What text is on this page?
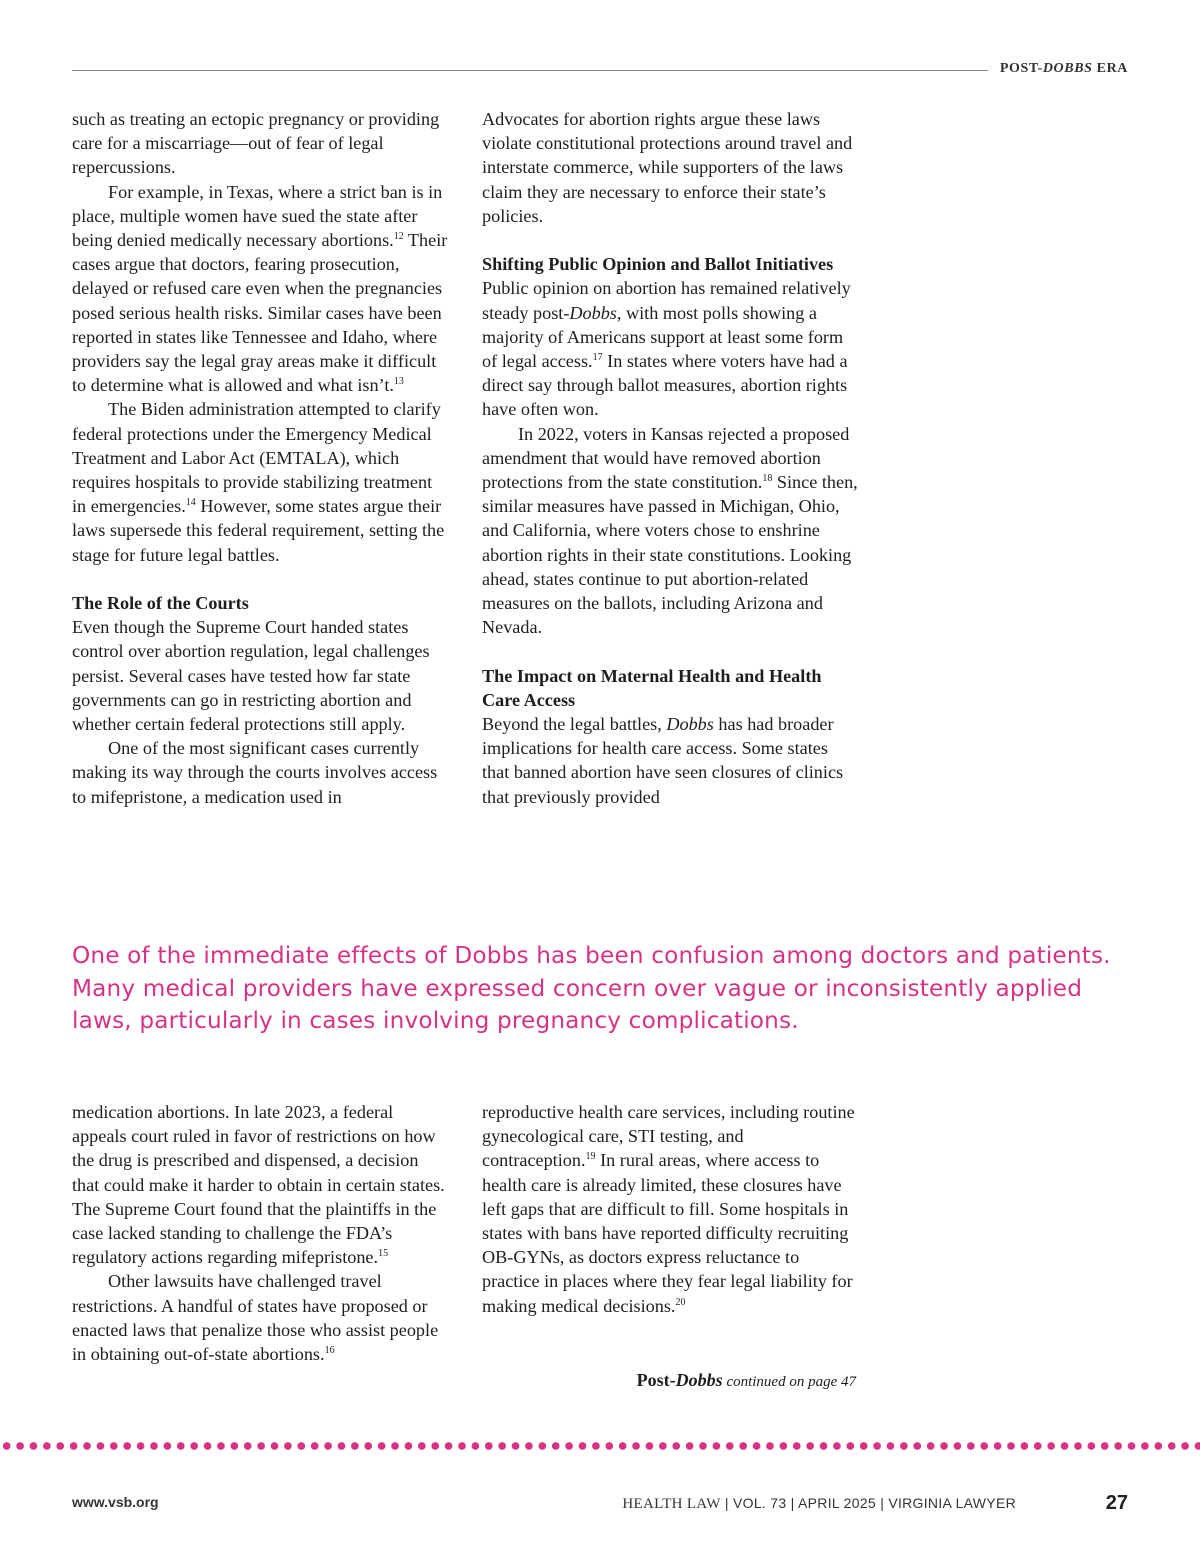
POST-DOBBS ERA

such as treating an ectopic pregnancy or providing care for a miscarriage—out of fear of legal repercussions.

For example, in Texas, where a strict ban is in place, multiple women have sued the state after being denied medically necessary abortions.$^{12}$ Their cases argue that doctors, fearing prosecution, delayed or refused care even when the pregnancies posed serious health risks. Similar cases have been reported in states like Tennessee and Idaho, where providers say the legal gray areas make it difficult to determine what is allowed and what isn’t.$^{13}$

The Biden administration attempted to clarify federal protections under the Emergency Medical Treatment and Labor Act (EMTALA), which requires hospitals to provide stabilizing treatment in emergencies.$^{14}$ However, some states argue their laws supersede this federal requirement, setting the stage for future legal battles.

The Role of the Courts

Even though the Supreme Court handed states control over abortion regulation, legal challenges persist. Several cases have tested how far state governments can go in restricting abortion and whether certain federal protections still apply.

One of the most significant cases currently making its way through the courts involves access to mifepristone, a medication used in

Advocates for abortion rights argue these laws violate constitutional protections around travel and interstate commerce, while supporters of the laws claim they are necessary to enforce their state’s policies.

Shifting Public Opinion and Ballot Initiatives

Public opinion on abortion has remained relatively steady post-Dobbs, with most polls showing a majority of Americans support at least some form of legal access.$^{17}$ In states where voters have had a direct say through ballot measures, abortion rights have often won.

In 2022, voters in Kansas rejected a proposed amendment that would have removed abortion protections from the state constitution.$^{18}$ Since then, similar measures have passed in Michigan, Ohio, and California, where voters chose to enshrine abortion rights in their state constitutions. Looking ahead, states continue to put abortion-related measures on the ballots, including Arizona and Nevada.

The Impact on Maternal Health and Health Care Access

Beyond the legal battles, Dobbs has had broader implications for health care access. Some states that banned abortion have seen closures of clinics that previously provided

One of the immediate effects of Dobbs has been confusion among doctors and patients. Many medical providers have expressed concern over vague or inconsistently applied laws, particularly in cases involving pregnancy complications.

medication abortions. In late 2023, a federal appeals court ruled in favor of restrictions on how the drug is prescribed and dispensed, a decision that could make it harder to obtain in certain states. The Supreme Court found that the plaintiffs in the case lacked standing to challenge the FDA’s regulatory actions regarding mifepristone.$^{15}$

Other lawsuits have challenged travel restrictions. A handful of states have proposed or enacted laws that penalize those who assist people in obtaining out-of-state abortions.$^{16}$

reproductive health care services, including routine gynecological care, STI testing, and contraception.$^{19}$ In rural areas, where access to health care is already limited, these closures have left gaps that are difficult to fill. Some hospitals in states with bans have reported difficulty recruiting OB-GYNs, as doctors express reluctance to practice in places where they fear legal liability for making medical decisions.$^{20}$

Post-Dobbs continued on page 47
www.vsb.org	HEALTH LAW | VOL. 73 | APRIL 2025 | VIRGINIA LAWYER	27
